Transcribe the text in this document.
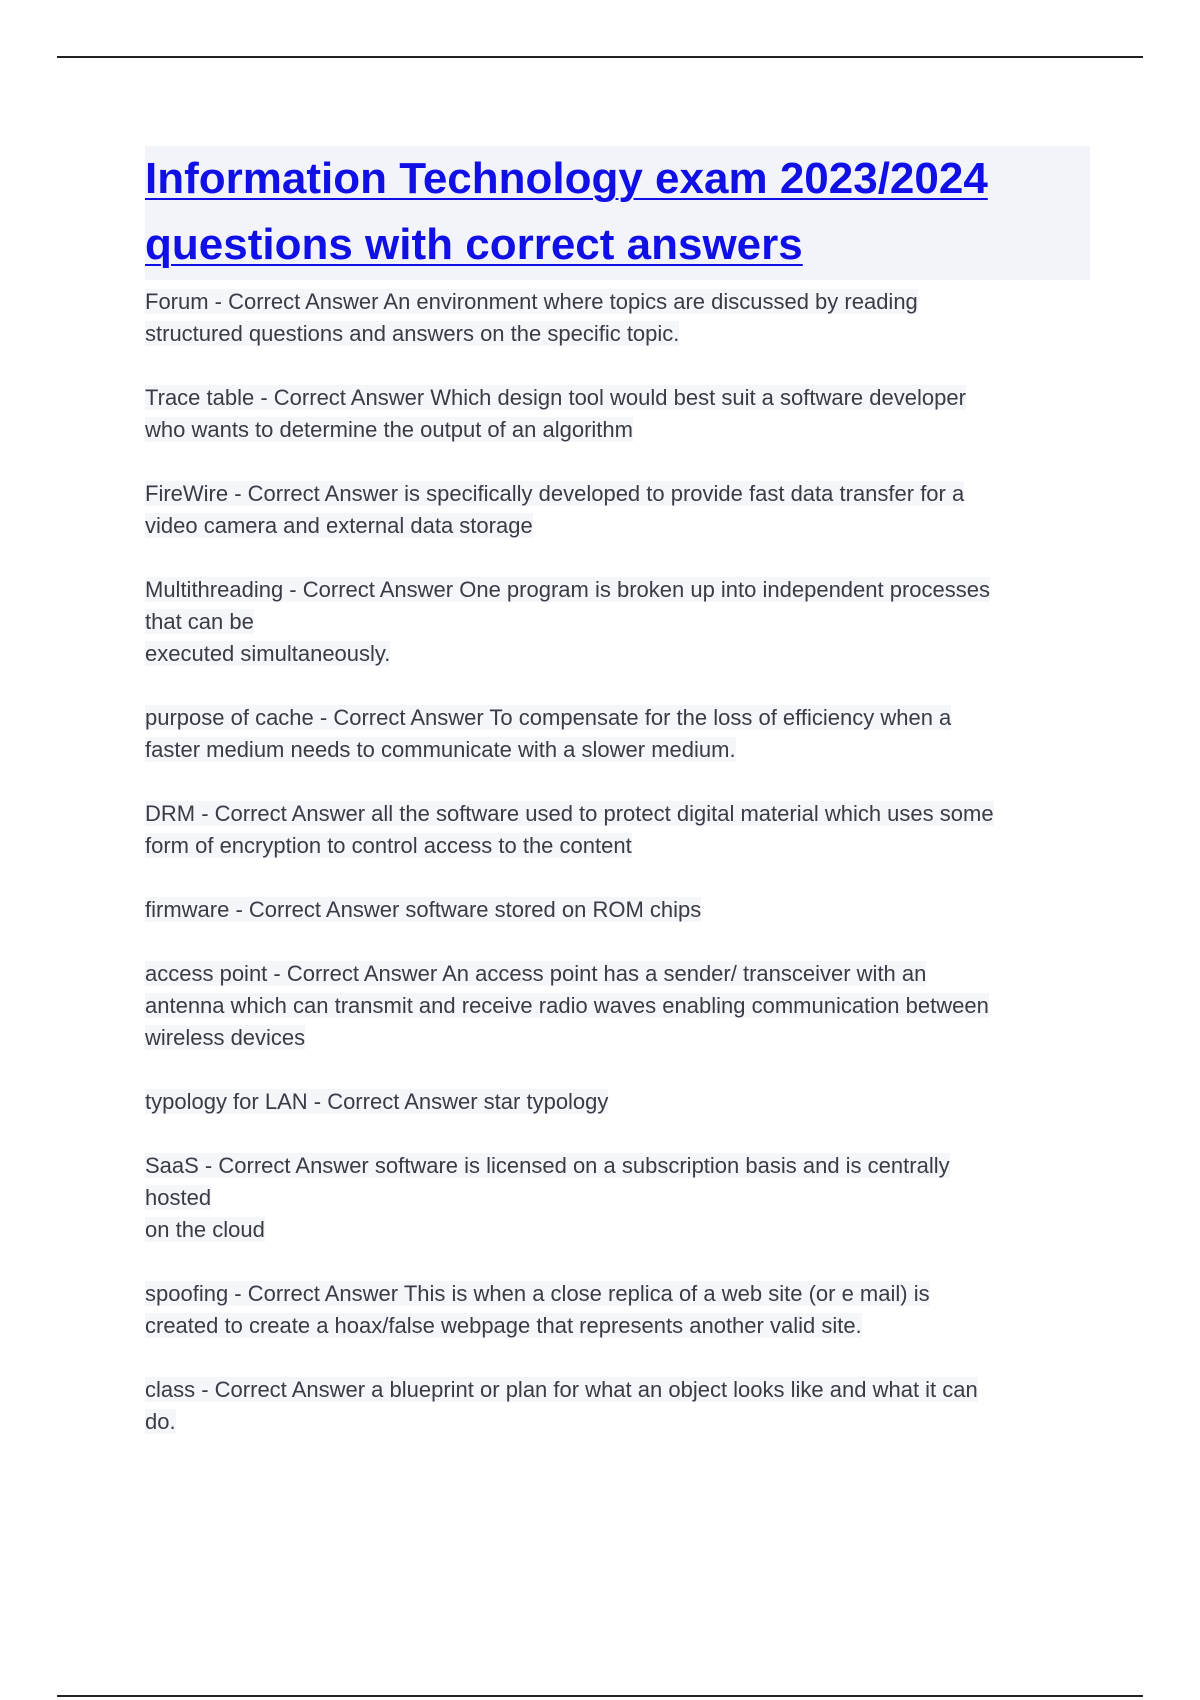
Information Technology exam 2023/2024
questions with correct answers
Forum - Correct Answer An environment where topics are discussed by reading
structured questions and answers on the specific topic.
Trace table - Correct Answer Which design tool would best suit a software developer
who wants to determine the output of an algorithm
FireWire - Correct Answer is specifically developed to provide fast data transfer for a
video camera and external data storage
Multithreading - Correct Answer One program is broken up into independent processes
that can be
executed simultaneously.
purpose of cache - Correct Answer To compensate for the loss of efficiency when a
faster medium needs to communicate with a slower medium.
DRM - Correct Answer all the software used to protect digital material which uses some
form of encryption to control access to the content
firmware - Correct Answer software stored on ROM chips
access point - Correct Answer An access point has a sender/ transceiver with an
antenna which can transmit and receive radio waves enabling communication between
wireless devices
typology for LAN - Correct Answer star typology
SaaS - Correct Answer software is licensed on a subscription basis and is centrally
hosted
on the cloud
spoofing - Correct Answer This is when a close replica of a web site (or e mail) is
created to create a hoax/false webpage that represents another valid site.
class - Correct Answer a blueprint or plan for what an object looks like and what it can
do.
